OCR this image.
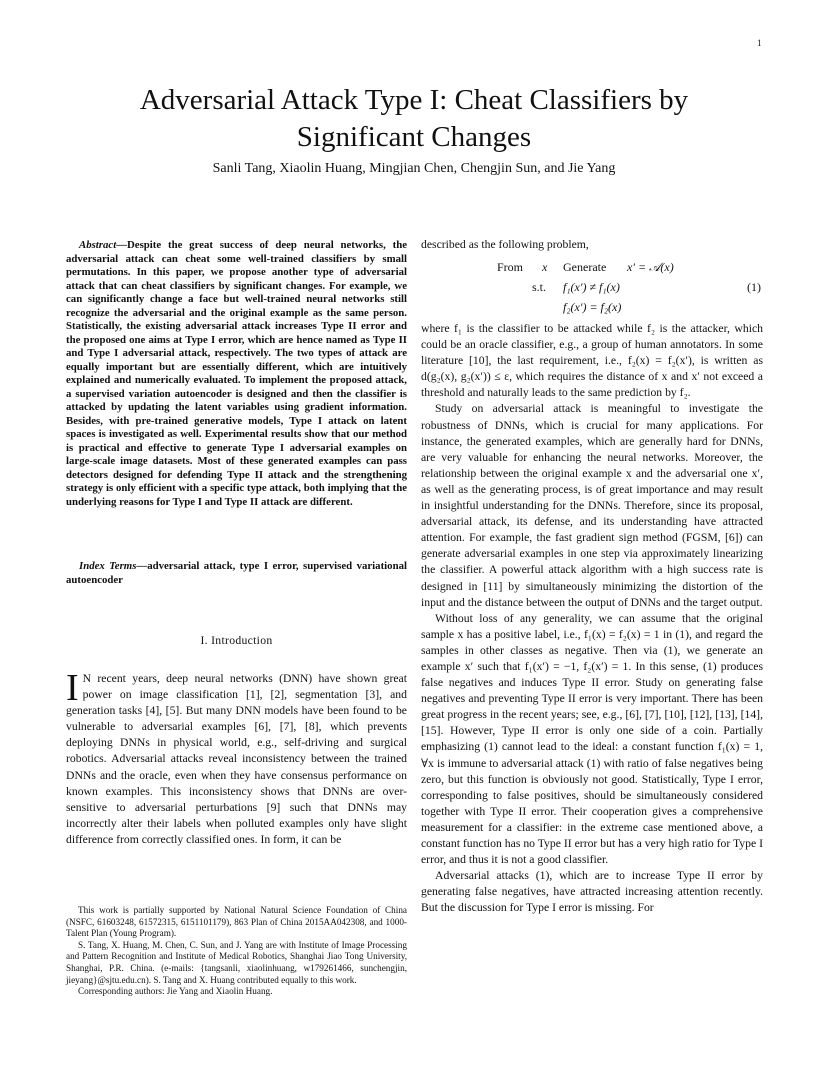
1
Adversarial Attack Type I: Cheat Classifiers by
Significant Changes
Sanli Tang, Xiaolin Huang, Mingjian Chen, Chengjin Sun, and Jie Yang
Abstract—Despite the great success of deep neural networks, the adversarial attack can cheat some well-trained classifiers by small permutations. In this paper, we propose another type of adversarial attack that can cheat classifiers by significant changes. For example, we can significantly change a face but well-trained neural networks still recognize the adversarial and the original example as the same person. Statistically, the existing adversarial attack increases Type II error and the proposed one aims at Type I error, which are hence named as Type II and Type I adversarial attack, respectively. The two types of attack are equally important but are essentially different, which are intuitively explained and numerically evaluated. To implement the proposed attack, a supervised variation autoencoder is designed and then the classifier is attacked by updating the latent variables using gradient information. Besides, with pre-trained generative models, Type I attack on latent spaces is investigated as well. Experimental results show that our method is practical and effective to generate Type I adversarial examples on large-scale image datasets. Most of these generated examples can pass detectors designed for defending Type II attack and the strengthening strategy is only efficient with a specific type attack, both implying that the underlying reasons for Type I and Type II attack are different.
Index Terms—adversarial attack, type I error, supervised variational autoencoder
I. Introduction
I N recent years, deep neural networks (DNN) have shown great power on image classification [1], [2], segmentation [3], and generation tasks [4], [5]. But many DNN models have been found to be vulnerable to adversarial examples [6], [7], [8], which prevents deploying DNNs in physical world, e.g., self-driving and surgical robotics. Adversarial attacks reveal inconsistency between the trained DNNs and the oracle, even when they have consensus performance on known examples. This inconsistency shows that DNNs are over-sensitive to adversarial perturbations [9] such that DNNs may incorrectly alter their labels when polluted examples only have slight difference from correctly classified ones. In form, it can be

This work is partially supported by National Natural Science Foundation of China (NSFC, 61603248, 61572315, 6151101179), 863 Plan of China 2015AA042308, and 1000-Talent Plan (Young Program).

S. Tang, X. Huang, M. Chen, C. Sun, and J. Yang are with Institute of Image Processing and Pattern Recognition and Institute of Medical Robotics, Shanghai Jiao Tong University, Shanghai, P.R. China. (e-mails: {tangsanli, xiaolinhuang, w179261466, sunchengjin, jieyang}@sjtu.edu.cn). S. Tang and X. Huang contributed equally to this work.

Corresponding authors: Jie Yang and Xiaolin Huang.

described as the following problem,
From x Generate x′ = 𝒜(x)
s.t. f₁(x′) ≠ f₁(x)
f₂(x′) = f₂(x)
(1)

where f₁ is the classifier to be attacked while f₂ is the attacker, which could be an oracle classifier, e.g., a group of human annotators. In some literature [10], the last requirement, i.e., f₂(x) = f₂(x′), is written as d(g₂(x), g₂(x′)) ≤ ε, which requires the distance of x and x′ not exceed a threshold and naturally leads to the same prediction by f₂.

Study on adversarial attack is meaningful to investigate the robustness of DNNs, which is crucial for many applications. For instance, the generated examples, which are generally hard for DNNs, are very valuable for enhancing the neural networks. Moreover, the relationship between the original example x and the adversarial one x′, as well as the generating process, is of great importance and may result in insightful understanding for the DNNs. Therefore, since its proposal, adversarial attack, its defense, and its understanding have attracted attention. For example, the fast gradient sign method (FGSM, [6]) can generate adversarial examples in one step via approximately linearizing the classifier. A powerful attack algorithm with a high success rate is designed in [11] by simultaneously minimizing the distortion of the input and the distance between the output of DNNs and the target output.

Without loss of any generality, we can assume that the original sample x has a positive label, i.e., f₁(x) = f₂(x) = 1 in (1), and regard the samples in other classes as negative. Then via (1), we generate an example x′ such that f₁(x′) = −1, f₂(x′) = 1. In this sense, (1) produces false negatives and induces Type II error. Study on generating false negatives and preventing Type II error is very important. There has been great progress in the recent years; see, e.g., [6], [7], [10], [12], [13], [14], [15]. However, Type II error is only one side of a coin. Partially emphasizing (1) cannot lead to the ideal: a constant function f₁(x) = 1, ∀x is immune to adversarial attack (1) with ratio of false negatives being zero, but this function is obviously not good. Statistically, Type I error, corresponding to false positives, should be simultaneously considered together with Type II error. Their cooperation gives a comprehensive measurement for a classifier: in the extreme case mentioned above, a constant function has no Type II error but has a very high ratio for Type I error, and thus it is not a good classifier.

Adversarial attacks (1), which are to increase Type II error by generating false negatives, have attracted increasing attention recently. But the discussion for Type I error is missing. For
